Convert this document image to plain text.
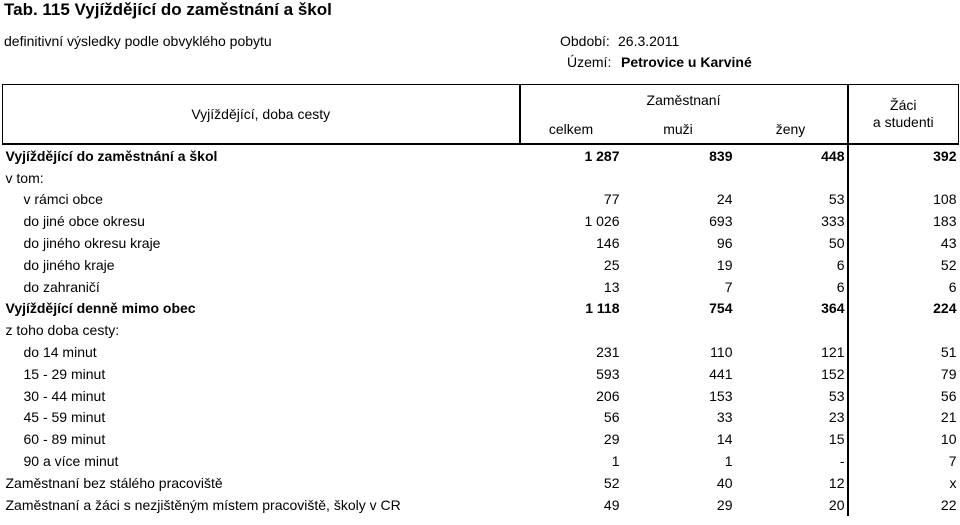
Tab. 115 Vyjíždějící do zaměstnání a škol
definitivní výsledky podle obvyklého pobytu	Období: 26.3.2011
Území: Petrovice u Karviné
Vyjíždějící, doba cesty	Zaměstnaní			Žáci
a studenti
	celkem	muži	ženy	
Vyjíždějící do zaměstnání a škol	1 287	839	448	392
v tom:				
v rámci obce	77	24	53	108
do jiné obce okresu	1 026	693	333	183
do jiného okresu kraje	146	96	50	43
do jiného kraje	25	19	6	52
do zahraničí	13	7	6	6
Vyjíždějící denně mimo obec	1 118	754	364	224
z toho doba cesty:				
do 14 minut	231	110	121	51
15 - 29 minut	593	441	152	79
30 - 44 minut	206	153	53	56
45 - 59 minut	56	33	23	21
60 - 89 minut	29	14	15	10
90 a více minut	1	1	-	7
Zaměstnaní bez stálého pracoviště	52	40	12	x
Zaměstnaní a žáci s nezjištěným místem pracoviště, školy v CR	49	29	20	22
